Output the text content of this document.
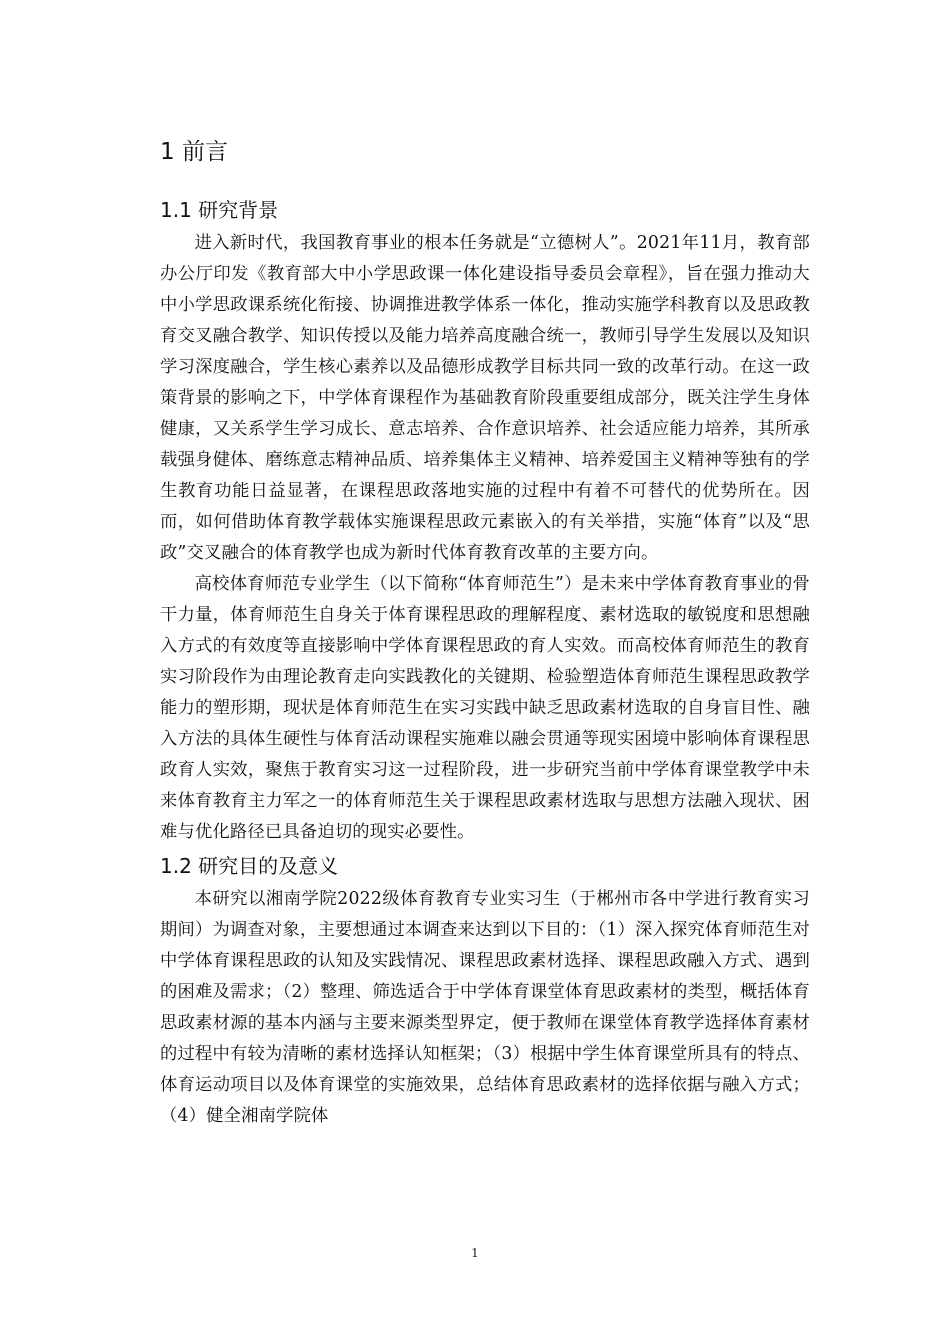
1 前言
1.1 研究背景

进入新时代，我国教育事业的根本任务就是“立德树人”。2021年11月，教育部办公厅印发《教育部大中小学思政课一体化建设指导委员会章程》，旨在强力推动大中小学思政课系统化衔接、协调推进教学体系一体化，推动实施学科教育以及思政教育交叉融合教学、知识传授以及能力培养高度融合统一，教师引导学生发展以及知识学习深度融合，学生核心素养以及品德形成教学目标共同一致的改革行动。在这一政策背景的影响之下，中学体育课程作为基础教育阶段重要组成部分，既关注学生身体健康，又关系学生学习成长、意志培养、合作意识培养、社会适应能力培养，其所承载强身健体、磨练意志精神品质、培养集体主义精神、培养爱国主义精神等独有的学生教育功能日益显著，在课程思政落地实施的过程中有着不可替代的优势所在。因而，如何借助体育教学载体实施课程思政元素嵌入的有关举措，实施“体育”以及“思政”交叉融合的体育教学也成为新时代体育教育改革的主要方向。

高校体育师范专业学生（以下简称“体育师范生”）是未来中学体育教育事业的骨干力量，体育师范生自身关于体育课程思政的理解程度、素材选取的敏锐度和思想融入方式的有效度等直接影响中学体育课程思政的育人实效。而高校体育师范生的教育实习阶段作为由理论教育走向实践教化的关键期、检验塑造体育师范生课程思政教学能力的塑形期，现状是体育师范生在实习实践中缺乏思政素材选取的自身盲目性、融入方法的具体生硬性与体育活动课程实施难以融会贯通等现实困境中影响体育课程思政育人实效，聚焦于教育实习这一过程阶段，进一步研究当前中学体育课堂教学中未来体育教育主力军之一的体育师范生关于课程思政素材选取与思想方法融入现状、困难与优化路径已具备迫切的现实必要性。

1.2 研究目的及意义

本研究以湘南学院2022级体育教育专业实习生（于郴州市各中学进行教育实习期间）为调查对象，主要想通过本调查来达到以下目的：（1）深入探究体育师范生对中学体育课程思政的认知及实践情况、课程思政素材选择、课程思政融入方式、遇到的困难及需求；（2）整理、筛选适合于中学体育课堂体育思政素材的类型，概括体育思政素材源的基本内涵与主要来源类型界定，便于教师在课堂体育教学选择体育素材的过程中有较为清晰的素材选择认知框架；（3）根据中学生体育课堂所具有的特点、体育运动项目以及体育课堂的实施效果，总结体育思政素材的选择依据与融入方式；（4）健全湘南学院体

1
